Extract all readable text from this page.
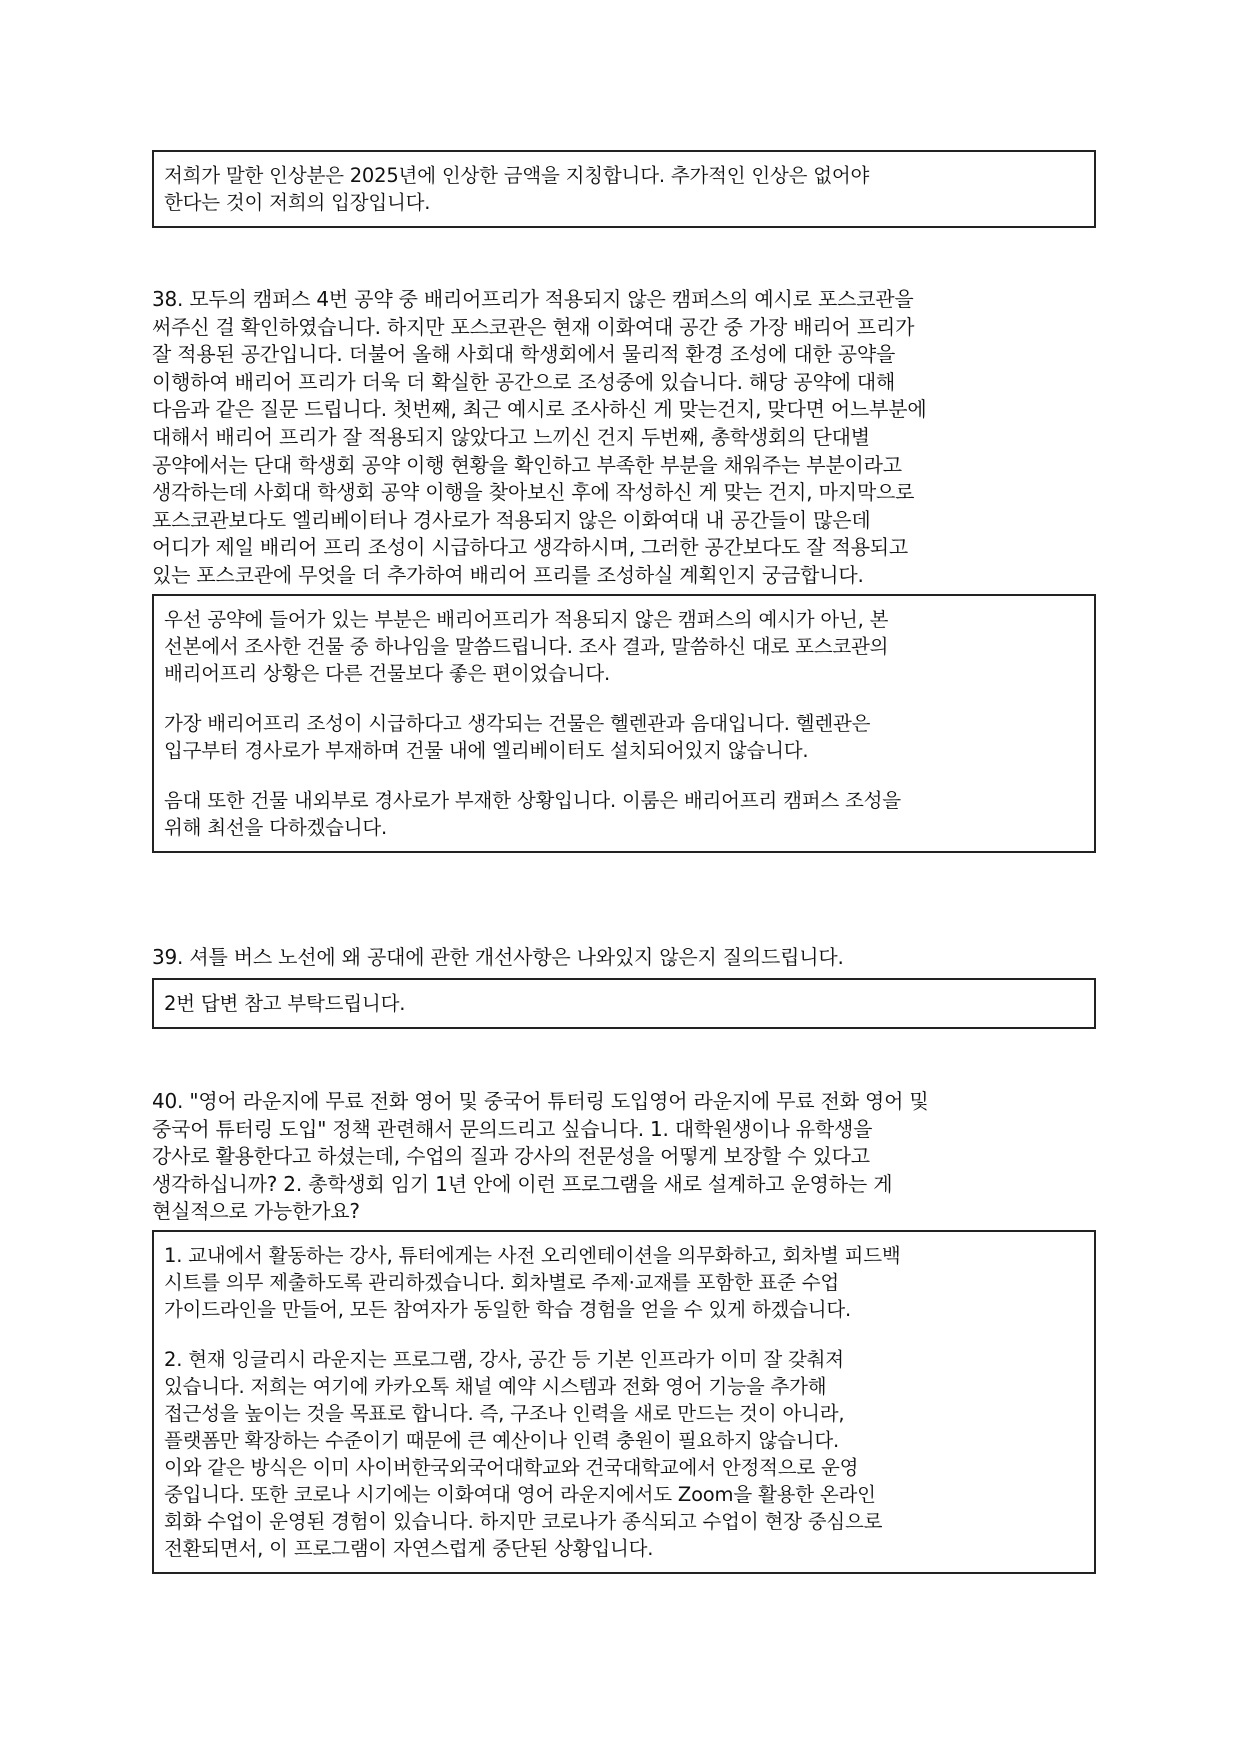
저희가 말한 인상분은 2025년에 인상한 금액을 지칭합니다. 추가적인 인상은 없어야
한다는 것이 저희의 입장입니다.

38. 모두의 캠퍼스 4번 공약 중 배리어프리가 적용되지 않은 캠퍼스의 예시로 포스코관을
써주신 걸 확인하였습니다. 하지만 포스코관은 현재 이화여대 공간 중 가장 배리어 프리가
잘 적용된 공간입니다. 더불어 올해 사회대 학생회에서 물리적 환경 조성에 대한 공약을
이행하여 배리어 프리가 더욱 더 확실한 공간으로 조성중에 있습니다. 해당 공약에 대해
다음과 같은 질문 드립니다. 첫번째, 최근 예시로 조사하신 게 맞는건지, 맞다면 어느부분에
대해서 배리어 프리가 잘 적용되지 않았다고 느끼신 건지 두번째, 총학생회의 단대별
공약에서는 단대 학생회 공약 이행 현황을 확인하고 부족한 부분을 채워주는 부분이라고
생각하는데 사회대 학생회 공약 이행을 찾아보신 후에 작성하신 게 맞는 건지, 마지막으로
포스코관보다도 엘리베이터나 경사로가 적용되지 않은 이화여대 내 공간들이 많은데
어디가 제일 배리어 프리 조성이 시급하다고 생각하시며, 그러한 공간보다도 잘 적용되고
있는 포스코관에 무엇을 더 추가하여 배리어 프리를 조성하실 계획인지 궁금합니다.

우선 공약에 들어가 있는 부분은 배리어프리가 적용되지 않은 캠퍼스의 예시가 아닌, 본
선본에서 조사한 건물 중 하나임을 말씀드립니다. 조사 결과, 말씀하신 대로 포스코관의
배리어프리 상황은 다른 건물보다 좋은 편이었습니다.

가장 배리어프리 조성이 시급하다고 생각되는 건물은 헬렌관과 음대입니다. 헬렌관은
입구부터 경사로가 부재하며 건물 내에 엘리베이터도 설치되어있지 않습니다.

음대 또한 건물 내외부로 경사로가 부재한 상황입니다. 이룸은 배리어프리 캠퍼스 조성을
위해 최선을 다하겠습니다.

39. 셔틀 버스 노선에 왜 공대에 관한 개선사항은 나와있지 않은지 질의드립니다.

2번 답변 참고 부탁드립니다.

40. "영어 라운지에 무료 전화 영어 및 중국어 튜터링 도입영어 라운지에 무료 전화 영어 및
중국어 튜터링 도입" 정책 관련해서 문의드리고 싶습니다. 1. 대학원생이나 유학생을
강사로 활용한다고 하셨는데, 수업의 질과 강사의 전문성을 어떻게 보장할 수 있다고
생각하십니까? 2. 총학생회 임기 1년 안에 이런 프로그램을 새로 설계하고 운영하는 게
현실적으로 가능한가요?

1. 교내에서 활동하는 강사, 튜터에게는 사전 오리엔테이션을 의무화하고, 회차별 피드백
시트를 의무 제출하도록 관리하겠습니다. 회차별로 주제·교재를 포함한 표준 수업
가이드라인을 만들어, 모든 참여자가 동일한 학습 경험을 얻을 수 있게 하겠습니다.

2. 현재 잉글리시 라운지는 프로그램, 강사, 공간 등 기본 인프라가 이미 잘 갖춰져
있습니다. 저희는 여기에 카카오톡 채널 예약 시스템과 전화 영어 기능을 추가해
접근성을 높이는 것을 목표로 합니다. 즉, 구조나 인력을 새로 만드는 것이 아니라,
플랫폼만 확장하는 수준이기 때문에 큰 예산이나 인력 충원이 필요하지 않습니다.
이와 같은 방식은 이미 사이버한국외국어대학교와 건국대학교에서 안정적으로 운영
중입니다. 또한 코로나 시기에는 이화여대 영어 라운지에서도 Zoom을 활용한 온라인
회화 수업이 운영된 경험이 있습니다. 하지만 코로나가 종식되고 수업이 현장 중심으로
전환되면서, 이 프로그램이 자연스럽게 중단된 상황입니다.
